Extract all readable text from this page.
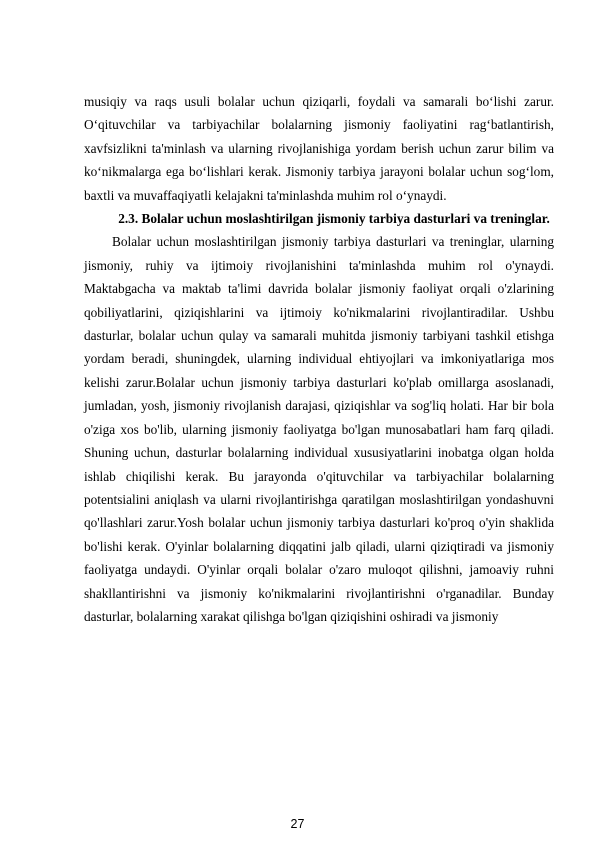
musiqiy va raqs usuli bolalar uchun qiziqarli, foydali va samarali bo‘lishi zarur. O‘qituvchilar va tarbiyachilar bolalarning jismoniy faoliyatini rag‘batlantirish, xavfsizlikni ta'minlash va ularning rivojlanishiga yordam berish uchun zarur bilim va ko‘nikmalarga ega bo‘lishlari kerak. Jismoniy tarbiya jarayoni bolalar uchun sog‘lom, baxtli va muvaffaqiyatli kelajakni ta'minlashda muhim rol o‘ynaydi.

2.3. Bolalar uchun moslashtirilgan jismoniy tarbiya dasturlari va treninglar.

Bolalar uchun moslashtirilgan jismoniy tarbiya dasturlari va treninglar, ularning jismoniy, ruhiy va ijtimoiy rivojlanishini ta'minlashda muhim rol o'ynaydi. Maktabgacha va maktab ta'limi davrida bolalar jismoniy faoliyat orqali o'zlarining qobiliyatlarini, qiziqishlarini va ijtimoiy ko'nikmalarini rivojlantiradilar. Ushbu dasturlar, bolalar uchun qulay va samarali muhitda jismoniy tarbiyani tashkil etishga yordam beradi, shuningdek, ularning individual ehtiyojlari va imkoniyatlariga mos kelishi zarur.Bolalar uchun jismoniy tarbiya dasturlari ko'plab omillarga asoslanadi, jumladan, yosh, jismoniy rivojlanish darajasi, qiziqishlar va sog'liq holati. Har bir bola o'ziga xos bo'lib, ularning jismoniy faoliyatga bo'lgan munosabatlari ham farq qiladi. Shuning uchun, dasturlar bolalarning individual xususiyatlarini inobatga olgan holda ishlab chiqilishi kerak. Bu jarayonda o'qituvchilar va tarbiyachilar bolalarning potentsialini aniqlash va ularni rivojlantirishga qaratilgan moslashtirilgan yondashuvni qo'llashlari zarur.Yosh bolalar uchun jismoniy tarbiya dasturlari ko'proq o'yin shaklida bo'lishi kerak. O'yinlar bolalarning diqqatini jalb qiladi, ularni qiziqtiradi va jismoniy faoliyatga undaydi. O'yinlar orqali bolalar o'zaro muloqot qilishni, jamoaviy ruhni shakllantirishni va jismoniy ko'nikmalarini rivojlantirishni o'rganadilar. Bunday dasturlar, bolalarning xarakat qilishga bo'lgan qiziqishini oshiradi va jismoniy

27
